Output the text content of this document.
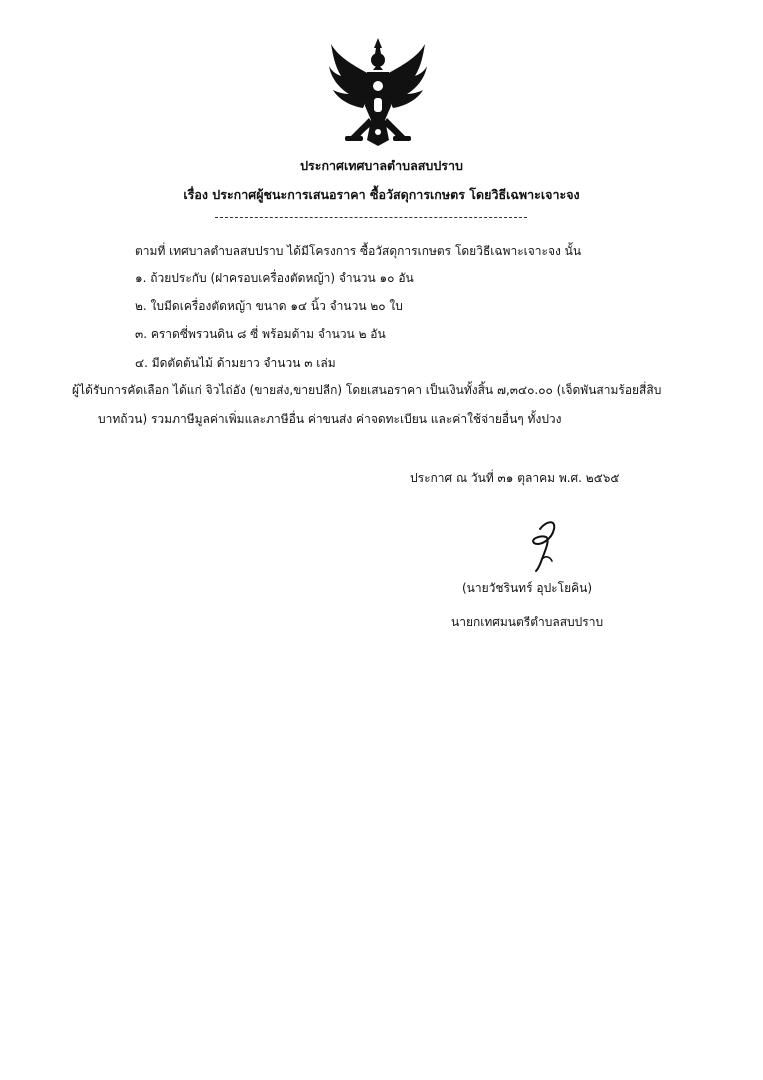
ประกาศเทศบาลตำบลสบปราบ
เรื่อง ประกาศผู้ชนะการเสนอราคา ซื้อวัสดุการเกษตร โดยวิธีเฉพาะเจาะจง
ตามที่ เทศบาลตำบลสบปราบ ได้มีโครงการ ซื้อวัสดุการเกษตร โดยวิธีเฉพาะเจาะจง นั้น
๑. ถ้วยประกับ (ฝาครอบเครื่องตัดหญ้า) จำนวน ๑๐ อัน
๒. ใบมีดเครื่องตัดหญ้า ขนาด ๑๔ นิ้ว จำนวน ๒๐ ใบ
๓. คราดซี่พรวนดิน ๘ ซี่ พร้อมด้าม จำนวน ๒ อัน
๔. มีดตัดต้นไม้ ด้ามยาว จำนวน ๓ เล่ม
ผู้ได้รับการคัดเลือก ได้แก่ จิวไถ่อัง (ขายส่ง,ขายปลีก) โดยเสนอราคา เป็นเงินทั้งสิ้น ๗,๓๔๐.๐๐ (เจ็ดพันสามร้อยสี่สิบ
บาทถ้วน) รวมภาษีมูลค่าเพิ่มและภาษีอื่น ค่าขนส่ง ค่าจดทะเบียน และค่าใช้จ่ายอื่นๆ ทั้งปวง
ประกาศ ณ วันที่ ๓๑ ตุลาคม พ.ศ. ๒๕๖๕
(นายวัชรินทร์ อุปะโยคิน)
นายกเทศมนตรีตำบลสบปราบ
